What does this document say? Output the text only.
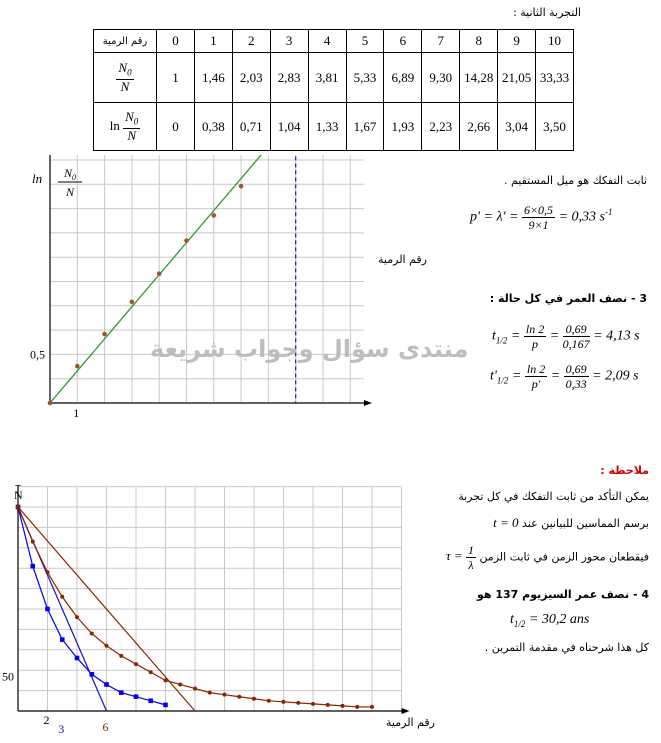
التجربة الثانية :
رقم الرمية	0	1	2	3	4	5	6	7	8	9	10

$\frac{N_0}{N}$	1	1,46	2,03	2,83	3,81	5,33	6,89	9,30	14,28	21,05	33,33
$\ln \frac{N_0}{N}$	0	0,38	0,71	1,04	1,33	1,67	1,93	2,23	2,66	3,04	3,50
1
0,5
$\ln N_0$
N
رقم الرمية
ثابت التفكك هو ميل المستقيم .
$p' = \lambda' = \frac{6\times 0,5}{9\times 1} = 0,33$ $s^{-1}$
3 - نصف العمر في كل حالة :
$t_{1/2} = \frac{\ln 2}{p} = \frac{0,69}{0,167} = 4,13$ s
$t'_{1/2} = \frac{\ln 2}{p'} = \frac{0,69}{0,33} = 2,09$ s
منتدى سؤال وجواب شريعة
N
50
2
3	6	رقم الرمية
ملاحظة :
يمكن التأكد من ثابت التفكك في كل تجربة
برسم المماسين للبيانين عند t = 0
فيقطعان محور الزمن في ثابت الزمن $\tau = \frac{1}{\lambda}$
4 - نصف عمر السيزيوم 137 هو
$t_{1/2} = 30,2$ ans
كل هذا شرحناه في مقدمة التمرين .
